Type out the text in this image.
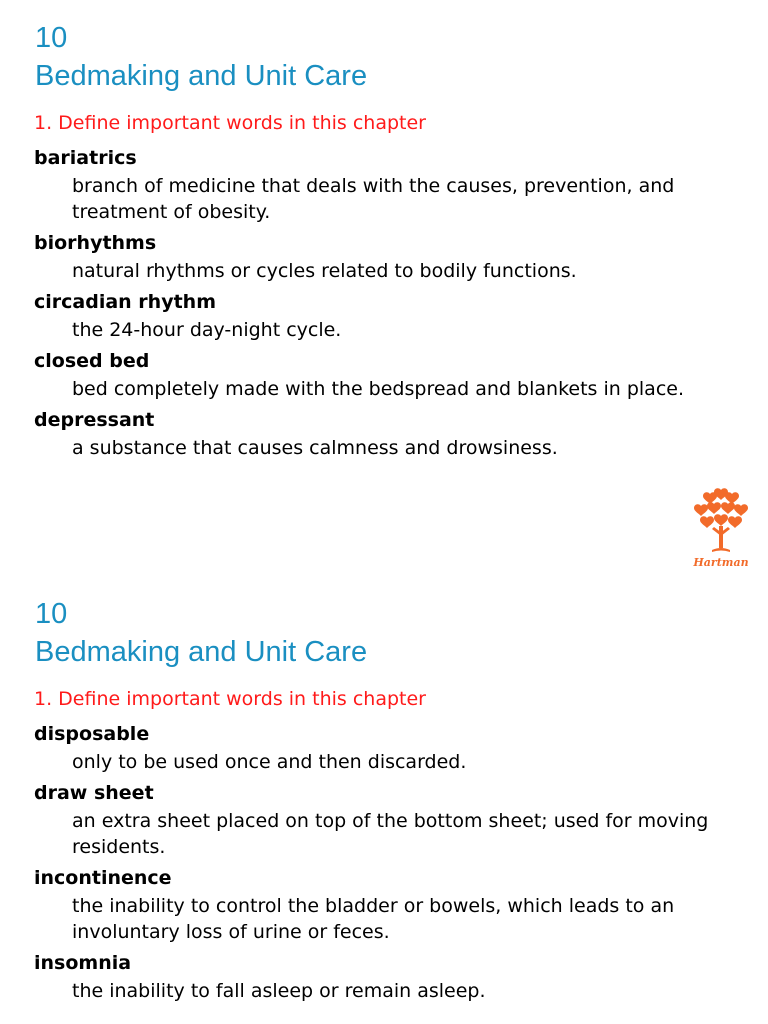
10
Bedmaking and Unit Care
1. Define important words in this chapter
bariatrics
branch of medicine that deals with the causes, prevention, and treatment of obesity.
biorhythms
natural rhythms or cycles related to bodily functions.
circadian rhythm
the 24-hour day-night cycle.
closed bed
bed completely made with the bedspread and blankets in place.
depressant
a substance that causes calmness and drowsiness.
Hartman
10
Bedmaking and Unit Care
1. Define important words in this chapter
disposable
only to be used once and then discarded.
draw sheet
an extra sheet placed on top of the bottom sheet; used for moving residents.
incontinence
the inability to control the bladder or bowels, which leads to an involuntary loss of urine or feces.
insomnia
the inability to fall asleep or remain asleep.
